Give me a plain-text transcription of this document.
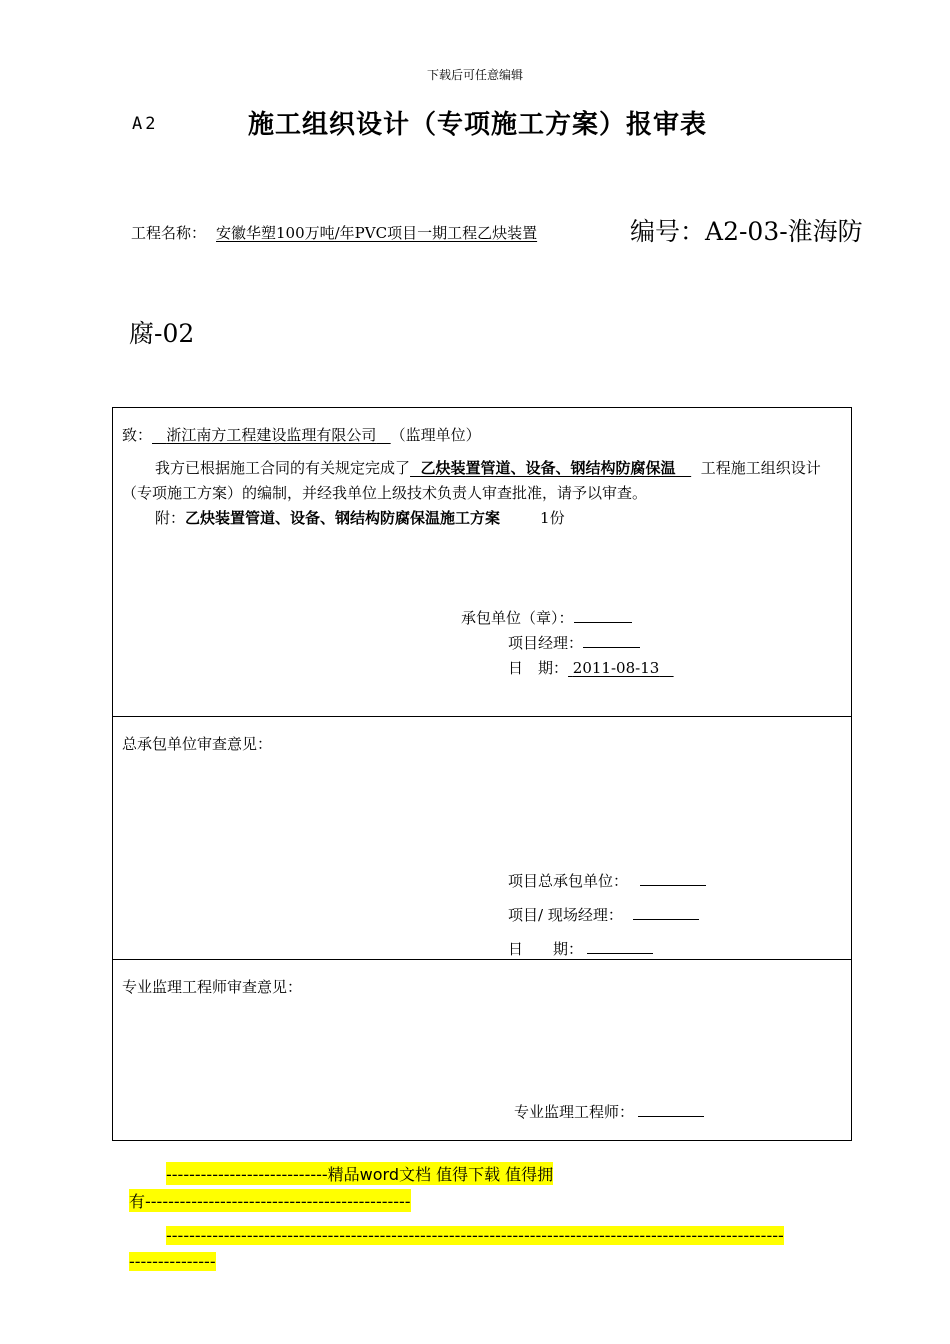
下载后可任意编辑
A2	施工组织设计（专项施工方案）报审表
工程名称： 安徽华塑100万吨/年PVC项目一期工程乙炔装置	编号：A2-03-淮海防
腐-02
致： 浙江南方工程建设监理有限公司 （监理单位）
我方已根据施工合同的有关规定完成了 乙炔装置管道、设备、钢结构防腐保温 工程施工组织设计（专项施工方案）的编制，并经我单位上级技术负责人审查批准，请予以审查。
附：乙炔装置管道、设备、钢结构防腐保温施工方案	1份
承包单位（章）：
项目经理：
日　期： 2011-08-13
总承包单位审查意见：
项目总承包单位：
项目/ 现场经理：
日　　期：
专业监理工程师审查意见：
专业监理工程师：
----------------------------精品word文档 值得下载 值得拥
有----------------------------------------------
-----------------------------------------------------------------------------------------------------------
---------------
